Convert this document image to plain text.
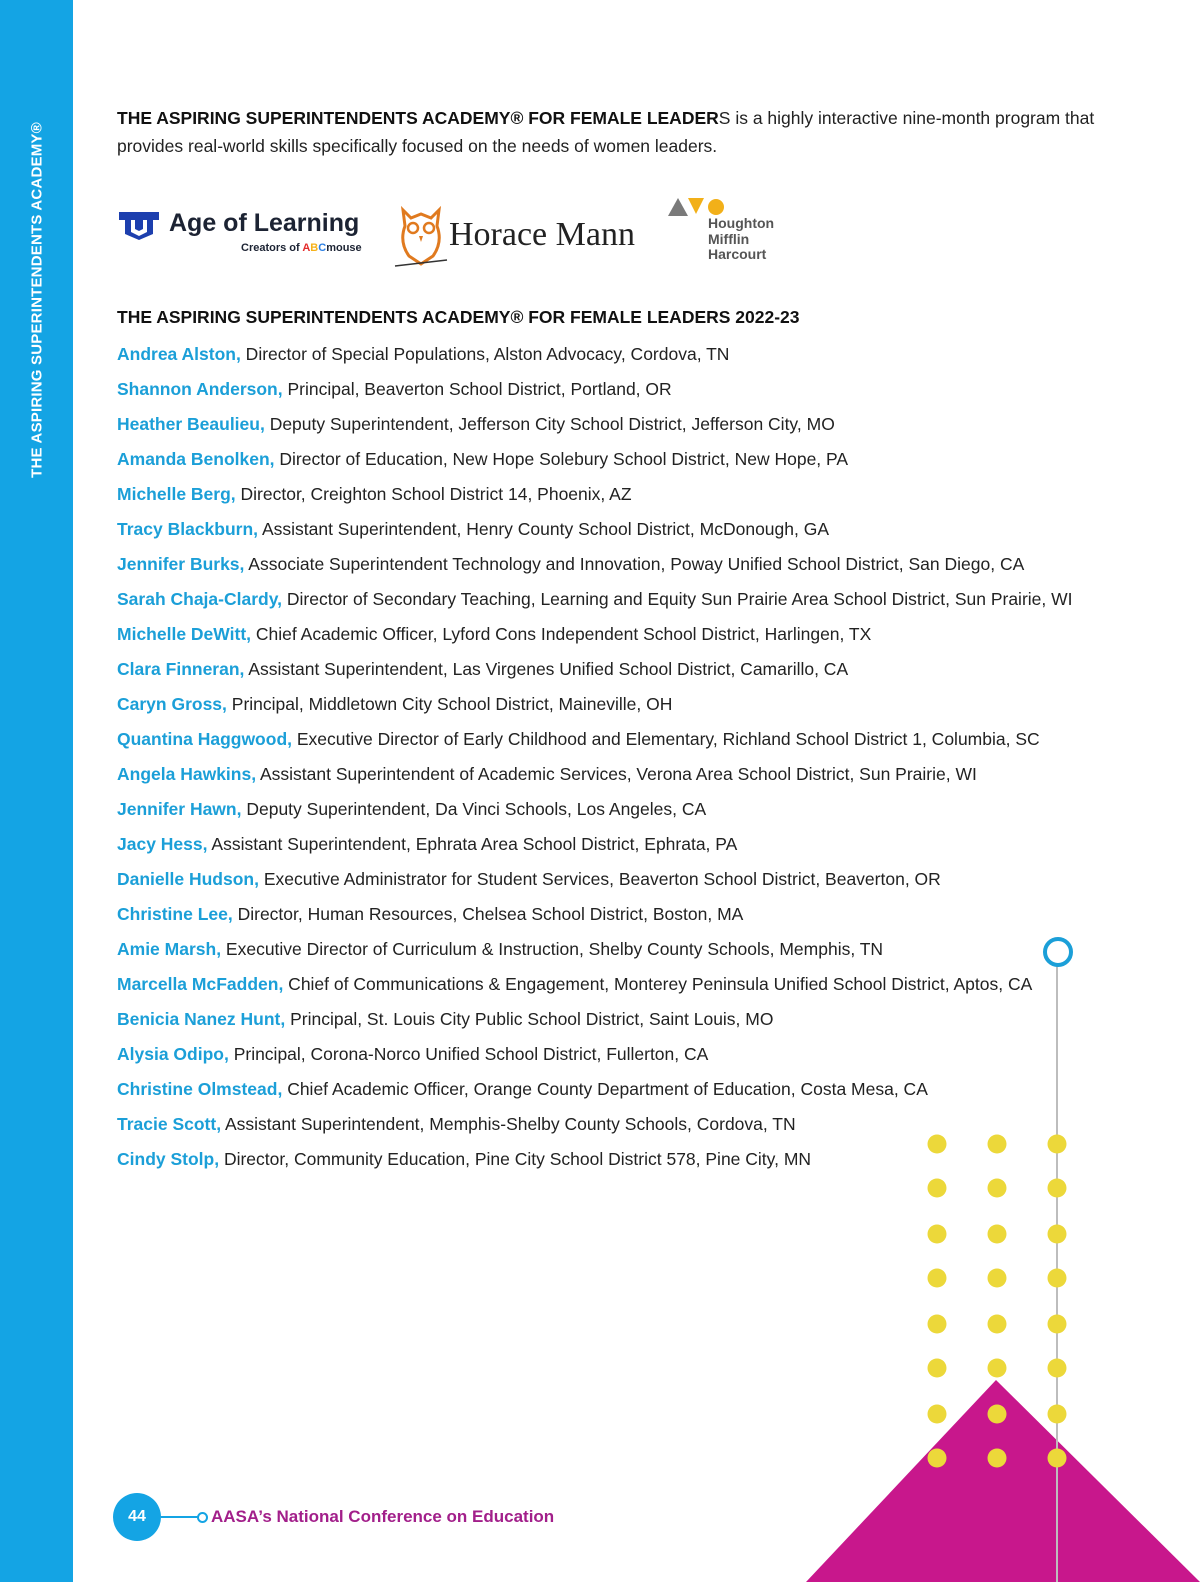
THE ASPIRING SUPERINTENDENTS ACADEMY®
THE ASPIRING SUPERINTENDENTS ACADEMY® FOR FEMALE LEADERS is a highly interactive nine-month program that provides real-world skills specifically focused on the needs of women leaders.
Age of Learning
Creators of ABCmouse	Horace Mann	Houghton
Mifflin
Harcourt
THE ASPIRING SUPERINTENDENTS ACADEMY® FOR FEMALE LEADERS 2022-23
Andrea Alston, Director of Special Populations, Alston Advocacy, Cordova, TN
Shannon Anderson, Principal, Beaverton School District, Portland, OR
Heather Beaulieu, Deputy Superintendent, Jefferson City School District, Jefferson City, MO
Amanda Benolken, Director of Education, New Hope Solebury School District, New Hope, PA
Michelle Berg, Director, Creighton School District 14, Phoenix, AZ
Tracy Blackburn, Assistant Superintendent, Henry County School District, McDonough, GA
Jennifer Burks, Associate Superintendent Technology and Innovation, Poway Unified School District, San Diego, CA
Sarah Chaja-Clardy, Director of Secondary Teaching, Learning and Equity Sun Prairie Area School District, Sun Prairie, WI
Michelle DeWitt, Chief Academic Officer, Lyford Cons Independent School District, Harlingen, TX
Clara Finneran, Assistant Superintendent, Las Virgenes Unified School District, Camarillo, CA
Caryn Gross, Principal, Middletown City School District, Maineville, OH
Quantina Haggwood, Executive Director of Early Childhood and Elementary, Richland School District 1, Columbia, SC
Angela Hawkins, Assistant Superintendent of Academic Services, Verona Area School District, Sun Prairie, WI
Jennifer Hawn, Deputy Superintendent, Da Vinci Schools, Los Angeles, CA
Jacy Hess, Assistant Superintendent, Ephrata Area School District, Ephrata, PA
Danielle Hudson, Executive Administrator for Student Services, Beaverton School District, Beaverton, OR
Christine Lee, Director, Human Resources, Chelsea School District, Boston, MA
Amie Marsh, Executive Director of Curriculum & Instruction, Shelby County Schools, Memphis, TN
Marcella McFadden, Chief of Communications & Engagement, Monterey Peninsula Unified School District, Aptos, CA
Benicia Nanez Hunt, Principal, St. Louis City Public School District, Saint Louis, MO
Alysia Odipo, Principal, Corona-Norco Unified School District, Fullerton, CA
Christine Olmstead, Chief Academic Officer, Orange County Department of Education, Costa Mesa, CA
Tracie Scott, Assistant Superintendent, Memphis-Shelby County Schools, Cordova, TN
Cindy Stolp, Director, Community Education, Pine City School District 578, Pine City, MN
44	AASA’s National Conference on Education
